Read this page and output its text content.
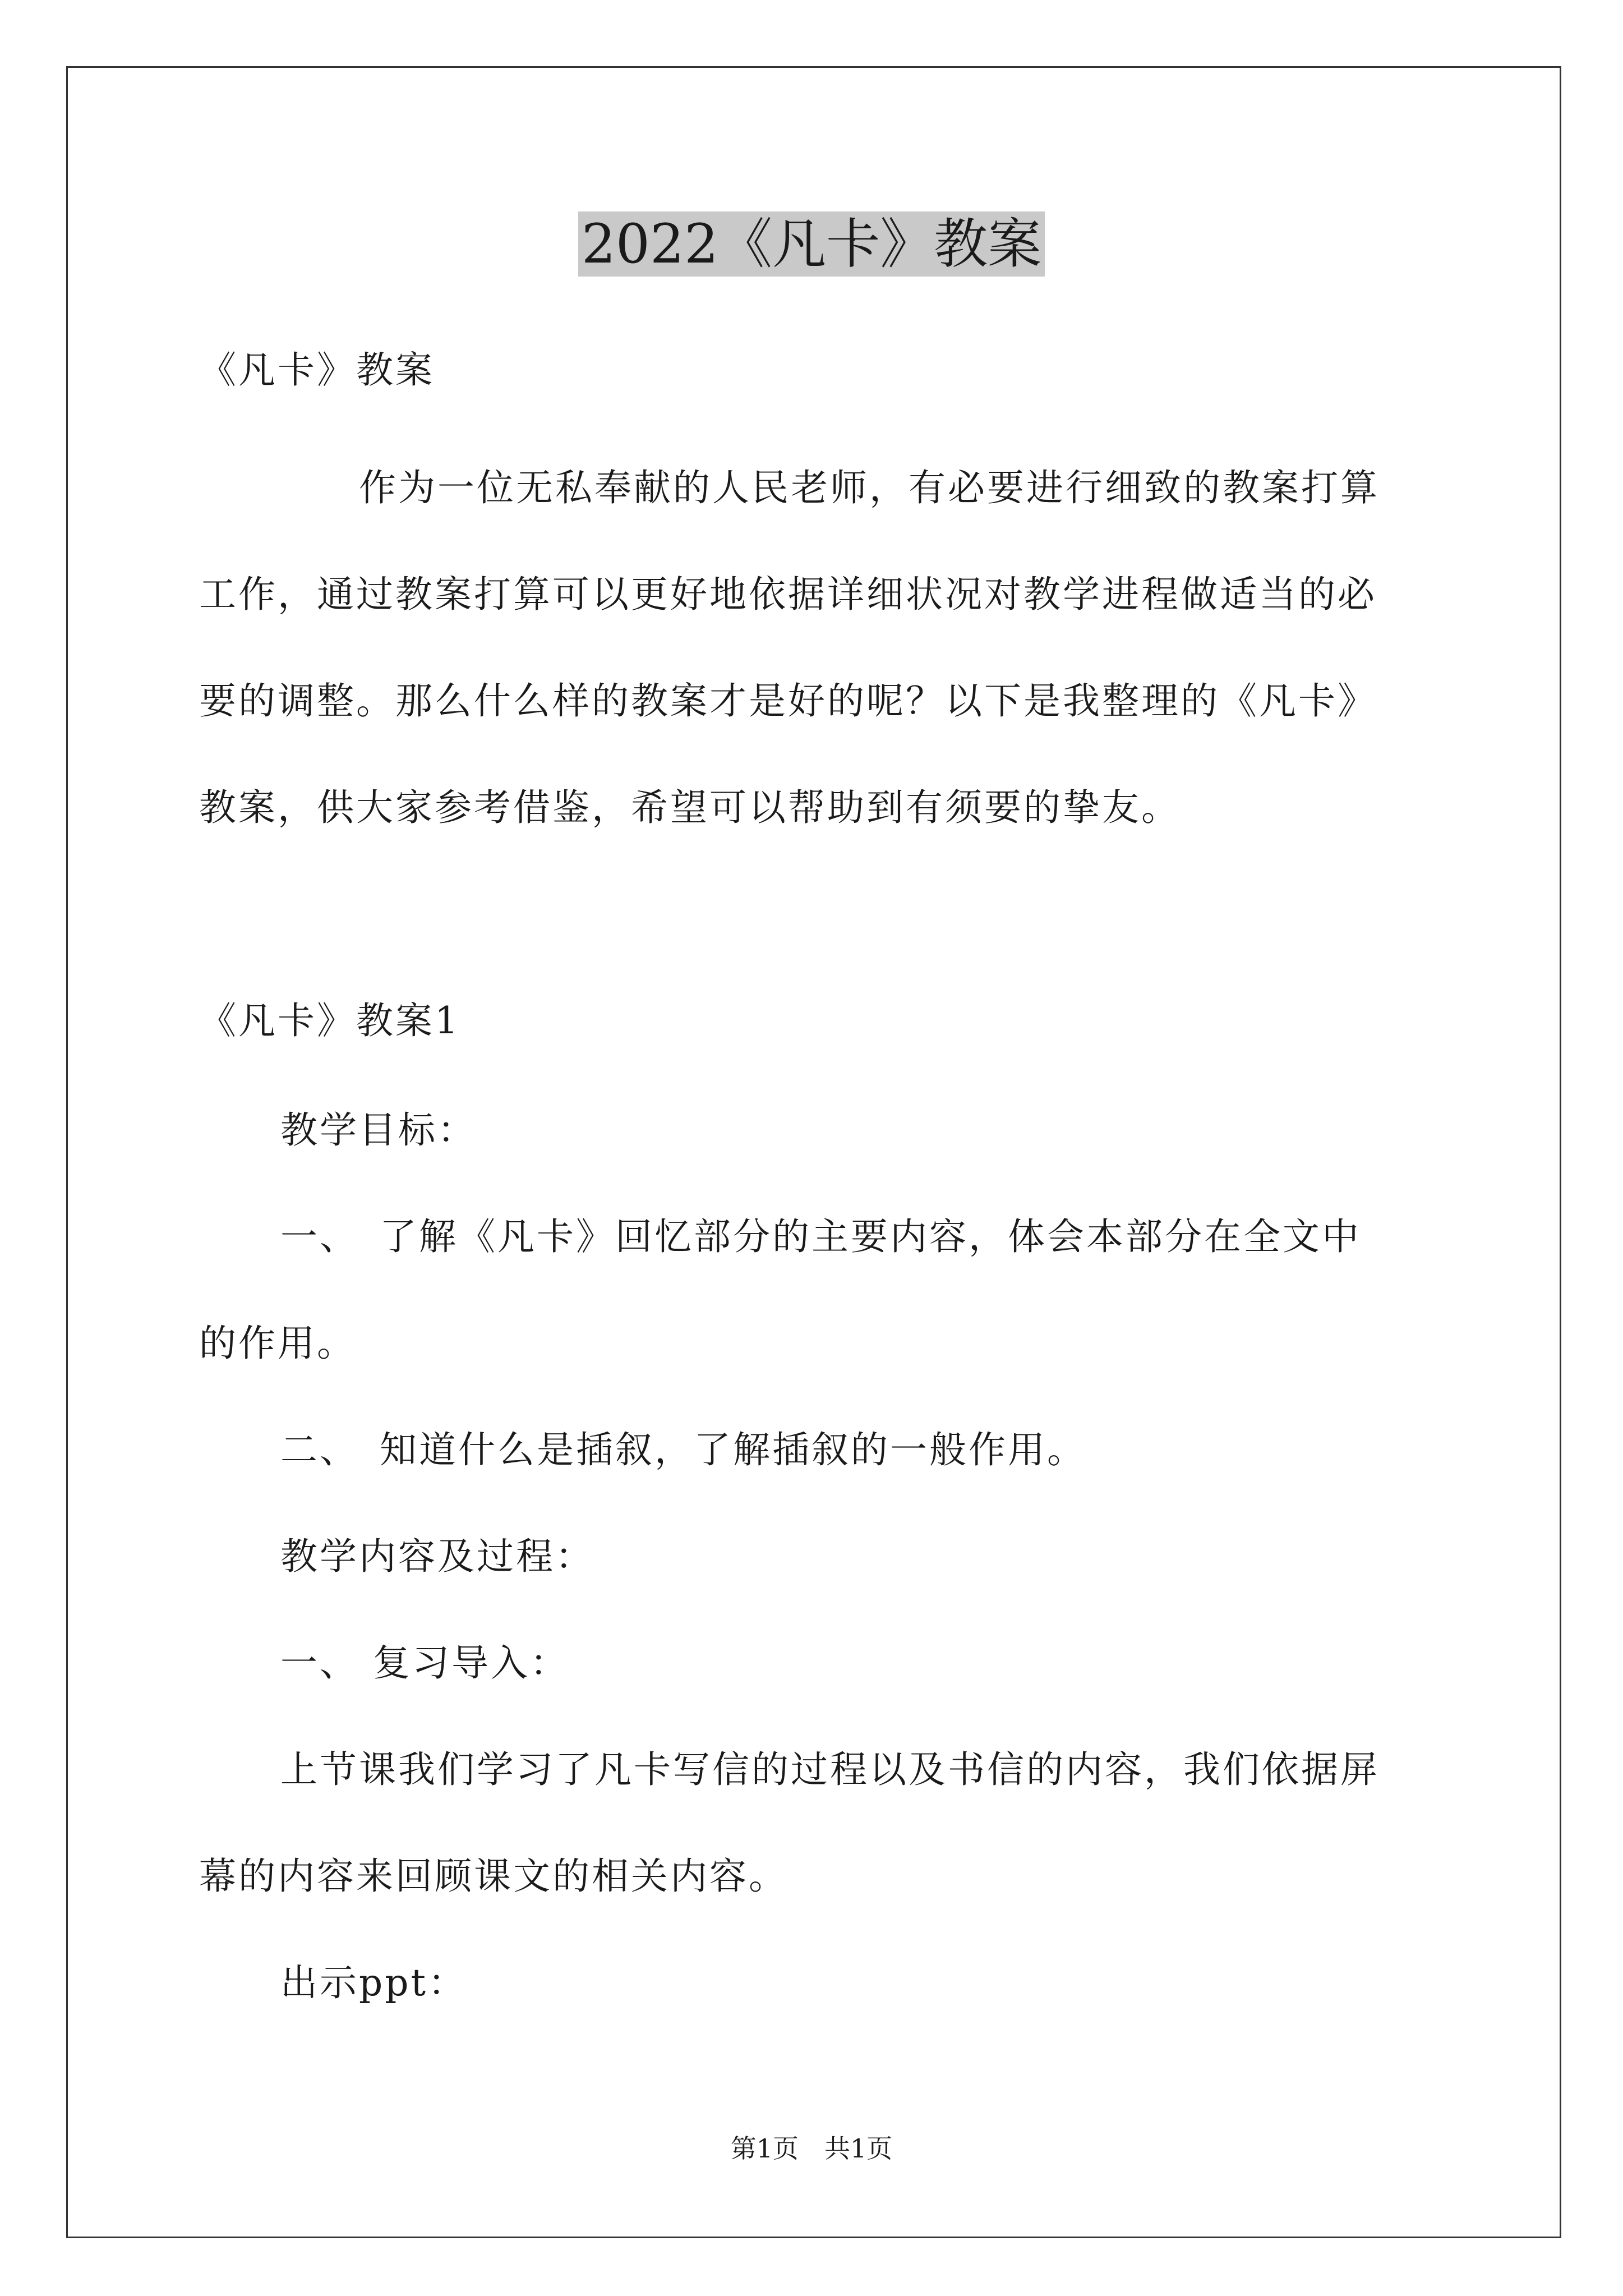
2022《凡卡》教案
《凡卡》教案
作为一位无私奉献的人民老师，有必要进行细致的教案打算
工作，通过教案打算可以更好地依据详细状况对教学进程做适当的必
要的调整。那么什么样的教案才是好的呢？以下是我整理的《凡卡》
教案，供大家参考借鉴，希望可以帮助到有须要的挚友。
《凡卡》教案1
教学目标：
一、　了解《凡卡》回忆部分的主要内容，体会本部分在全文中
的作用。
二、　知道什么是插叙，了解插叙的一般作用。
教学内容及过程：
一、 复习导入：
上节课我们学习了凡卡写信的过程以及书信的内容，我们依据屏
幕的内容来回顾课文的相关内容。
出示ppt：
第1页　共1页
